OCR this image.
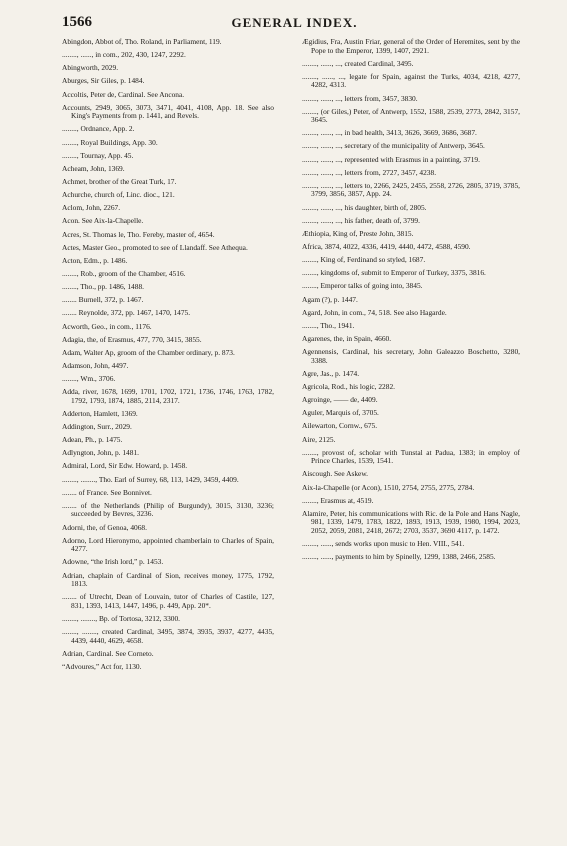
1566	GENERAL INDEX.

Abingdon, Abbot of, Tho. Roland, in Parliament, 119.

........, ......, in com., 202, 430, 1247, 2292.

Abingworth, 2029.

Aburges, Sir Giles, p. 1484.

Accoltis, Peter de, Cardinal. See Ancona.

Accounts, 2949, 3065, 3073, 3471, 4041, 4108, App. 18. See also King's Payments from p. 1441, and Revels.

........, Ordnance, App. 2.

........, Royal Buildings, App. 30.

........, Tournay, App. 45.

Acheam, John, 1369.

Achmet, brother of the Great Turk, 17.

Achurche, church of, Linc. dioc., 121.

Aclom, John, 2267.

Acon. See Aix-la-Chapelle.

Acres, St. Thomas le, Tho. Fereby, master of, 4654.

Actes, Master Geo., promoted to see of Llandaff. See Athequa.

Acton, Edm., p. 1486.

........, Rob., groom of the Chamber, 4516.

........, Tho., pp. 1486, 1488.

........ Burnell, 372, p. 1467.

........ Reynolde, 372, pp. 1467, 1470, 1475.

Acworth, Geo., in com., 1176.

Adagia, the, of Erasmus, 477, 770, 3415, 3855.

Adam, Walter Ap, groom of the Chamber ordinary, p. 873.

Adamson, John, 4497.

........, Wm., 3706.

Adda, river, 1678, 1699, 1701, 1702, 1721, 1736, 1746, 1763, 1782, 1792, 1793, 1874, 1885, 2114, 2317.

Adderton, Hamlett, 1369.

Addington, Surr., 2029.

Adean, Ph., p. 1475.

Adlyngton, John, p. 1481.

Admiral, Lord, Sir Edw. Howard, p. 1458.

........, ........, Tho. Earl of Surrey, 68, 113, 1429, 3459, 4409.

........ of France. See Bonnivet.

........ of the Netherlands (Philip of Burgundy), 3015, 3130, 3236; succeeded by Bevres, 3236.

Adorni, the, of Genoa, 4068.

Adorno, Lord Hieronymo, appointed chamberlain to Charles of Spain, 4277.

Adowne, “the Irish lord,” p. 1453.

Adrian, chaplain of Cardinal of Sion, receives money, 1775, 1792, 1813.

........ of Utrecht, Dean of Louvain, tutor of Charles of Castile, 127, 831, 1393, 1413, 1447, 1496, p. 449, App. 20*.

........, ........, Bp. of Tortosa, 3212, 3300.

........, ........, created Cardinal, 3495, 3874, 3935, 3937, 4277, 4435, 4439, 4440, 4629, 4658.

Adrian, Cardinal. See Corneto.

“Advoures,” Act for, 1130.

Ægidius, Fra, Austin Friar, general of the Order of Heremites, sent by the Pope to the Emperor, 1399, 1407, 2921.

........, ......, ..., created Cardinal, 3495.

........, ......, ..., legate for Spain, against the Turks, 4034, 4218, 4277, 4282, 4313.

........, ......, ..., letters from, 3457, 3830.

........, (or Giles,) Peter, of Antwerp, 1552, 1588, 2539, 2773, 2842, 3157, 3645.

........, ......, ..., in bad health, 3413, 3626, 3669, 3686, 3687.

........, ......, ..., secretary of the municipality of Antwerp, 3645.

........, ......, ..., represented with Erasmus in a painting, 3719.

........, ......, ..., letters from, 2727, 3457, 4238.

........, ......, ..., letters to, 2266, 2425, 2455, 2558, 2726, 2805, 3719, 3785, 3799, 3856, 3857, App. 24.

........, ......, ..., his daughter, birth of, 2805.

........, ......, ..., his father, death of, 3799.

Æthiopia, King of, Preste John, 3815.

Africa, 3874, 4022, 4336, 4419, 4440, 4472, 4588, 4590.

........, King of, Ferdinand so styled, 1687.

........, kingdoms of, submit to Emperor of Turkey, 3375, 3816.

........, Emperor talks of going into, 3845.

Agam (?), p. 1447.

Agard, John, in com., 74, 518. See also Hagarde.

........, Tho., 1941.

Agarenes, the, in Spain, 4660.

Agennensis, Cardinal, his secretary, John Galeazzo Boschetto, 3280, 3388.

Agre, Jas., p. 1474.

Agricola, Rod., his logic, 2282.

Agroinge, —— de, 4409.

Aguler, Marquis of, 3705.

Ailewarton, Cornw., 675.

Aire, 2125.

........, provost of, scholar with Tunstal at Padua, 1383; in employ of Prince Charles, 1539, 1541.

Aiscough. See Askew.

Aix-la-Chapelle (or Acon), 1510, 2754, 2755, 2775, 2784.

........, Erasmus at, 4519.

Alamire, Peter, his communications with Ric. de la Pole and Hans Nagle, 981, 1339, 1479, 1783, 1822, 1893, 1913, 1939, 1980, 1994, 2023, 2052, 2059, 2081, 2418, 2672; 2703, 3537, 3690 4117, p. 1472.

........, ......, sends works upon music to Hen. VIII., 541.

........, ......, payments to him by Spinelly, 1299, 1388, 2466, 2585.
